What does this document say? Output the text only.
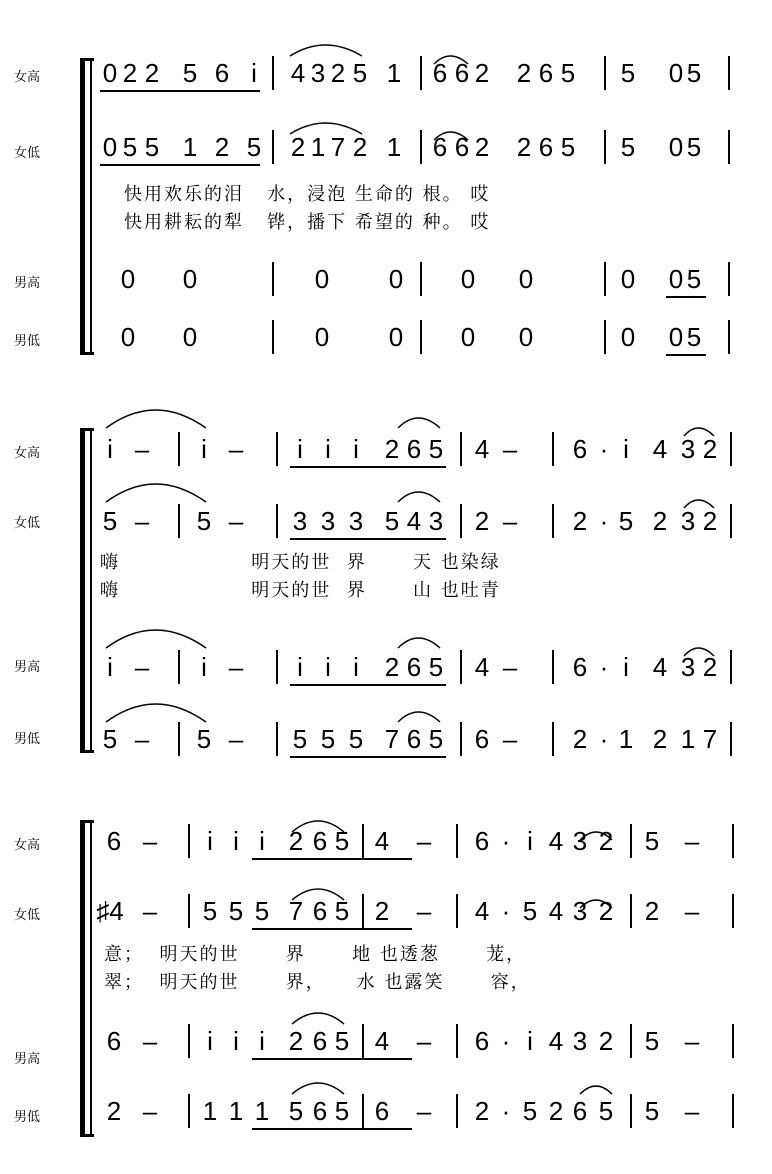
女高
女低
男高
男低
女高
女低
男高
男低
女高
女低
男高
男低
0 2 2 5 6 i 4 3 2 5 1 6 6 2 2 6 5 5 0 5
0 5 5 1 2 5 2 1 7 2 1 6 6 2 2 6 5 5 0 5
0 0	0 0 0 0	0 0 5
0 0	0 0 0 0	0 0 5
i – i – i i i 2 6 5 4 – 6 · i 4 3 2
5 – 5 – 3 3 3 5 4 3 2 – 2 · 5 2 3 2
i – i – i i i 2 6 5 4 – 6 · i 4 3 2
5 – 5 – 5 5 5 7 6 5 6 – 2 · 1 2 1 7
6 – i i i 2 6 5 4 – 6 · i 4 3 2 5 –
♯4 – 5 5 5 7 6 5 2 – 4 · 5 4 3 2 2 –
6 – i i i 2 6 5 4 – 6 · i 4 3 2 5 –
2 – 1 1 1 5 6 5 6 – 2 · 5 2 6 5 5 –
快用欢乐的泪   水，浸泡 生命的 根。 哎
快用耕耘的犁   铧，播下 希望的 种。 哎
嗨                 明天的世  界      天 也染绿
嗨                 明天的世  界      山 也吐青
意；  明天的世      界      地 也透葱      茏，
翠；  明天的世      界，    水 也露笑      容，
